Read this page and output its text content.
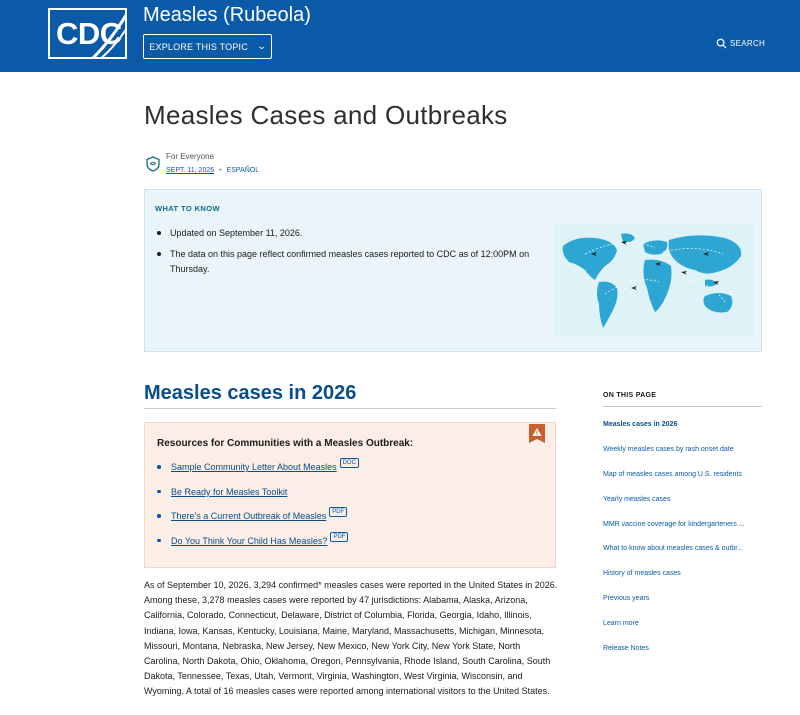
CDC
Measles (Rubeola)
EXPLORE THIS TOPIC ⌄	SEARCH
Measles Cases and Outbreaks
For Everyone
SEPT. 11, 2026 • ESPAÑOL
WHAT TO KNOW
Updated on September 11, 2026.
The data on this page reflect confirmed measles cases reported to CDC as of 12:00PM on Thursday.
Measles cases in 2026
Resources for Communities with a Measles Outbreak:
Sample Community Letter About Measles	DOC
Be Ready for Measles Toolkit
There's a Current Outbreak of Measles	PDF
Do You Think Your Child Has Measles?	PDF

As of September 10, 2026, 3,294 confirmed* measles cases were reported in the United States in 2026. Among these, 3,278 measles cases were reported by 47 jurisdictions: Alabama, Alaska, Arizona, California, Colorado, Connecticut, Delaware, District of Columbia, Florida, Georgia, Idaho, Illinois, Indiana, Iowa, Kansas, Kentucky, Louisiana, Maine, Maryland, Massachusetts, Michigan, Minnesota, Missouri, Montana, Nebraska, New Jersey, New Mexico, New York City, New York State, North Carolina, North Dakota, Ohio, Oklahoma, Oregon, Pennsylvania, Rhode Island, South Carolina, South Dakota, Tennessee, Texas, Utah, Vermont, Virginia, Washington, West Virginia, Wisconsin, and Wyoming. A total of 16 measles cases were reported among international visitors to the United States.

ON THIS PAGE
Measles cases in 2026
Weekly measles cases by rash onset date
Map of measles cases among U.S. residents
Yearly measles cases
MMR vaccine coverage for kindergarteners ...
What to know about measles cases & outbr...
History of measles cases
Previous years
Learn more
Release Notes
